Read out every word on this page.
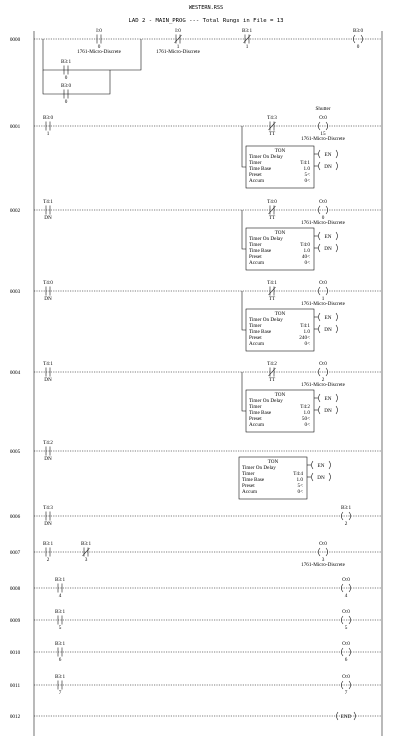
WESTERN.RSS
LAD 2 - MAIN_PROG --- Total Rungs in File = 13
0000
I:0
0
1761-Micro-Discrete
I:0
1
1761-Micro-Discrete
B3:1
1
B3:1
0
B3:0
0
B3:0
0
0001
B3:0
1
T4:3
TT
O:0
15
1761-Micro-Discrete
Shutter
TON
Timer On Delay
Timer	T4:1
Time Base	1.0
Preset	5<
Accum	0<
EN
DN
0002
T4:1
DN
T4:0
TT
O:0
0
1761-Micro-Discrete
TON
Timer On Delay
Timer	T4:0
Time Base	1.0
Preset	40<
Accum	0<
EN
DN
0003
T4:0
DN
T4:1
TT
O:0
1
1761-Micro-Discrete
TON
Timer On Delay
Timer	T4:1
Time Base	1.0
Preset	240<
Accum	0<
EN
DN
0004
T4:1
DN
T4:2
TT
O:0
2
1761-Micro-Discrete
TON
Timer On Delay
Timer	T4:2
Time Base	1.0
Preset	50<
Accum	0<
EN
DN
0005
T4:2
DN	TON
Timer On Delay
Timer	T4:4
Time Base	1.0
Preset	5<
Accum	0<
EN
DN
0006
T4:3
DN
B3:1
2
0007
B3:1
2
B3:1
3
O:0
3
1761-Micro-Discrete
0008
B3:1
4
O:0
4
0009
B3:1
5
O:0
5
0010
B3:1
6
O:0
6
0011
B3:1
7
O:0
7
0012	END
